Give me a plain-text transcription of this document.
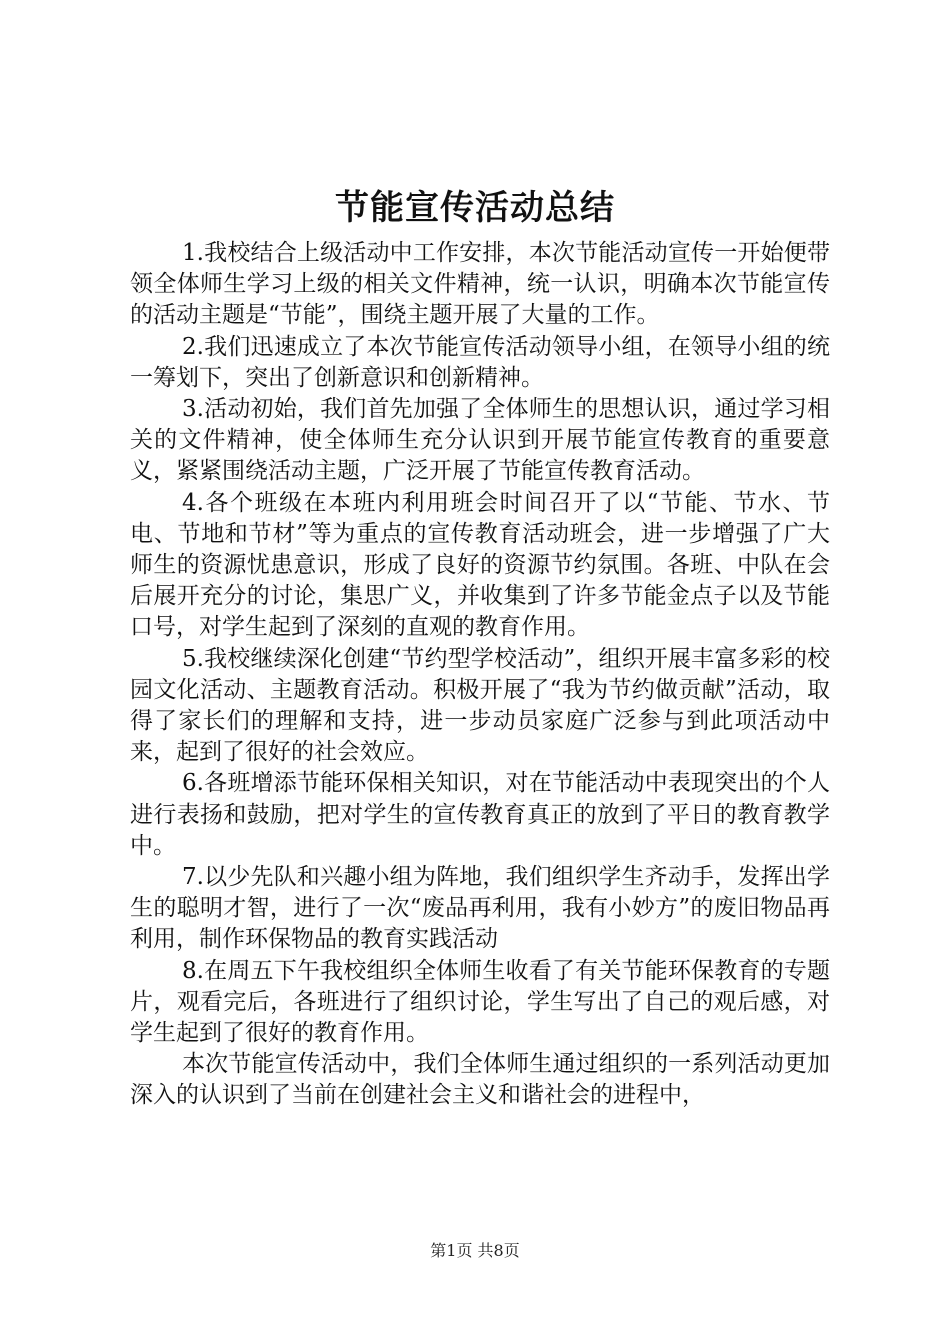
节能宣传活动总结

1.我校结合上级活动中工作安排，本次节能活动宣传一开始便带领全体师生学习上级的相关文件精神，统一认识，明确本次节能宣传的活动主题是“节能”，围绕主题开展了大量的工作。

2.我们迅速成立了本次节能宣传活动领导小组，在领导小组的统一筹划下，突出了创新意识和创新精神。

3.活动初始，我们首先加强了全体师生的思想认识，通过学习相关的文件精神，使全体师生充分认识到开展节能宣传教育的重要意义，紧紧围绕活动主题，广泛开展了节能宣传教育活动。

4.各个班级在本班内利用班会时间召开了以“节能、节水、节电、节地和节材”等为重点的宣传教育活动班会，进一步增强了广大师生的资源忧患意识，形成了良好的资源节约氛围。各班、中队在会后展开充分的讨论，集思广义，并收集到了许多节能金点子以及节能口号，对学生起到了深刻的直观的教育作用。

5.我校继续深化创建“节约型学校活动”，组织开展丰富多彩的校园文化活动、主题教育活动。积极开展了“我为节约做贡献”活动，取得了家长们的理解和支持，进一步动员家庭广泛参与到此项活动中来，起到了很好的社会效应。

6.各班增添节能环保相关知识，对在节能活动中表现突出的个人进行表扬和鼓励，把对学生的宣传教育真正的放到了平日的教育教学中。

7.以少先队和兴趣小组为阵地，我们组织学生齐动手，发挥出学生的聪明才智，进行了一次“废品再利用，我有小妙方”的废旧物品再利用，制作环保物品的教育实践活动

8.在周五下午我校组织全体师生收看了有关节能环保教育的专题片，观看完后，各班进行了组织讨论，学生写出了自己的观后感，对学生起到了很好的教育作用。

本次节能宣传活动中，我们全体师生通过组织的一系列活动更加深入的认识到了当前在创建社会主义和谐社会的进程中，

第1页 共8页
